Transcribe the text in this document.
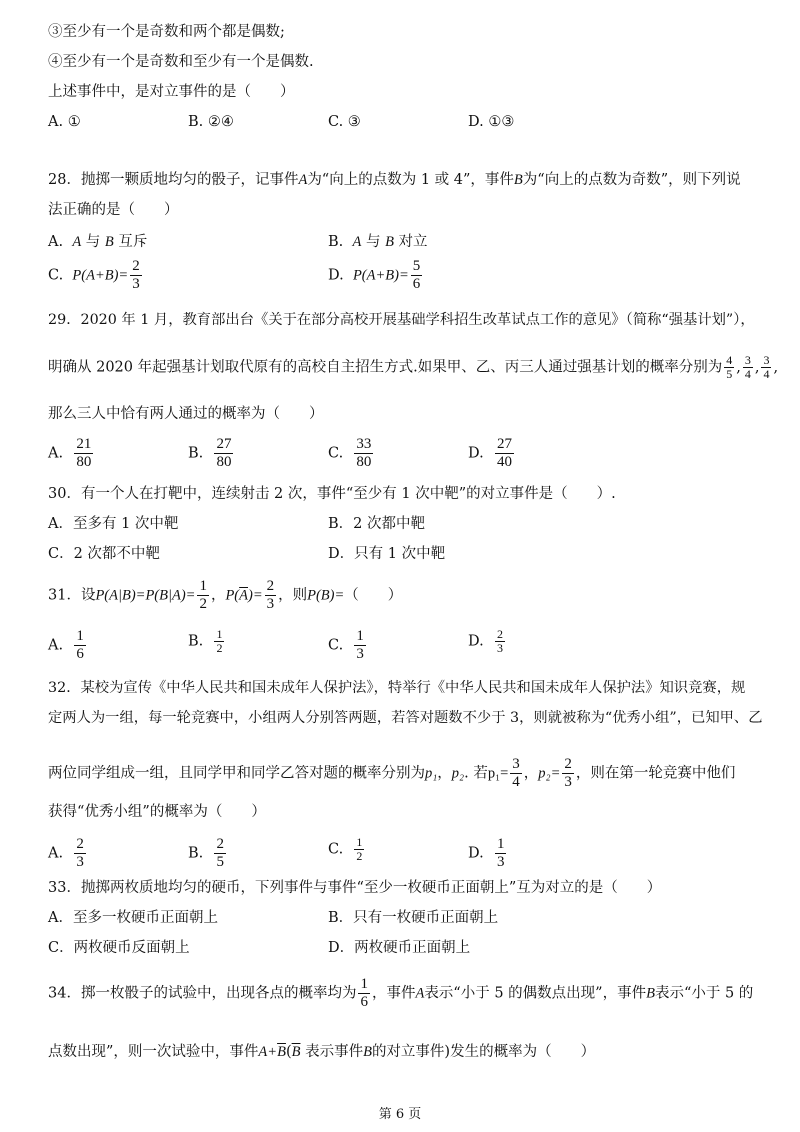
③至少有一个是奇数和两个都是偶数;
④至少有一个是奇数和至少有一个是偶数.
上述事件中，是对立事件的是（　　）
A. ①	B. ②④	C. ③	D. ①③
28．抛掷一颗质地均匀的骰子，记事件A为“向上的点数为 1 或 4”，事件B为“向上的点数为奇数”，则下列说
法正确的是（　　）
A. A 与 B 互斥	B. A 与 B 对立
C. $P(A+B)= \frac{2}{3}$	D. $P(A+B)= \frac{5}{6}$
29．2020 年 1 月，教育部出台《关于在部分高校开展基础学科招生改革试点工作的意见》（简称“强基计划”），
明确从 2020 年起强基计划取代原有的高校自主招生方式.如果甲、乙、丙三人通过强基计划的概率分别为 $\frac{4}{5}$ , $\frac{3}{4}$ , $\frac{3}{4}$ ,
那么三人中恰有两人通过的概率为（　　）
A. $\frac{21}{80}$	B. $\frac{27}{80}$	C. $\frac{33}{80}$	D. $\frac{27}{40}$
30．有一个人在打靶中，连续射击 2 次，事件“至少有 1 次中靶”的对立事件是（　　）.
A．至多有 1 次中靶	B．2 次都中靶
C．2 次都不中靶	D．只有 1 次中靶
31．设$P(A|B)=P(B|A)= \frac{1}{2}$ ，$P(\overline{A})= \frac{2}{3}$ ，则P(B)=（　　）
A. $\frac{1}{6}$	B. $\frac{1}{2}$	C. $\frac{1}{3}$	D. $\frac{2}{3}$
32．某校为宣传《中华人民共和国未成年人保护法》，特举行《中华人民共和国未成年人保护法》知识竞赛，规
定两人为一组，每一轮竞赛中，小组两人分别答两题，若答对题数不少于 3，则就被称为“优秀小组”，已知甲、乙
两位同学组成一组，且同学甲和同学乙答对题的概率分别为p₁，p₂. 若$p_1= \frac{3}{4}$ ，$p_2= \frac{2}{3}$ ，则在第一轮竞赛中他们
获得“优秀小组”的概率为（　　）
A. $\frac{2}{3}$	B. $\frac{2}{5}$	C. $\frac{1}{2}$	D. $\frac{1}{3}$
33．抛掷两枚质地均匀的硬币，下列事件与事件“至少一枚硬币正面朝上”互为对立的是（　　）
A．至多一枚硬币正面朝上	B．只有一枚硬币正面朝上
C．两枚硬币反面朝上	D．两枚硬币正面朝上
34．掷一枚骰子的试验中，出现各点的概率均为 $\frac{1}{6}$ ，事件A表示“小于 5 的偶数点出现”，事件B表示“小于 5 的
点数出现”，则一次试验中，事件$A+\overline{B}(\overline{B}$ 表示事件B的对立事件)发生的概率为（　　）
第 6 页
